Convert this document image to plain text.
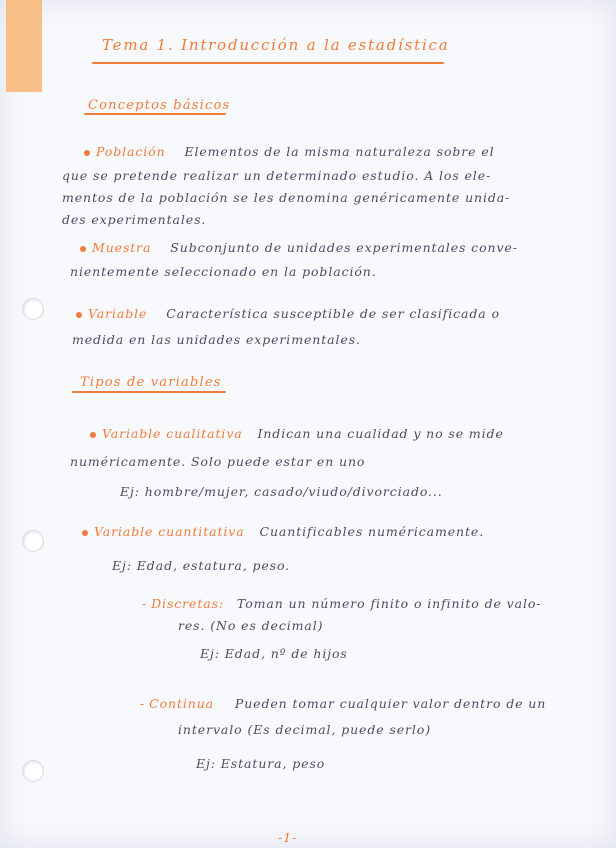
Tema 1. Introducción a la estadística
Conceptos básicos
Población Elementos de la misma naturaleza sobre el
que se pretende realizar un determinado estudio. A los ele-
mentos de la población se les denomina genéricamente unida-
des experimentales.
Muestra Subconjunto de unidades experimentales conve-
nientemente seleccionado en la población.
Variable Característica susceptible de ser clasificada o
medida en las unidades experimentales.
Tipos de variables
Variable cualitativa Indican una cualidad y no se mide
numéricamente. Solo puede estar en uno
Ej: hombre/mujer, casado/viudo/divorciado...
Variable cuantitativa Cuantificables numéricamente.
Ej: Edad, estatura, peso.
- Discretas: Toman un número finito o infinito de valo-
res. (No es decimal)
Ej: Edad, nº de hijos
- Continua Pueden tomar cualquier valor dentro de un
intervalo (Es decimal, puede serlo)
Ej: Estatura, peso
-1-
